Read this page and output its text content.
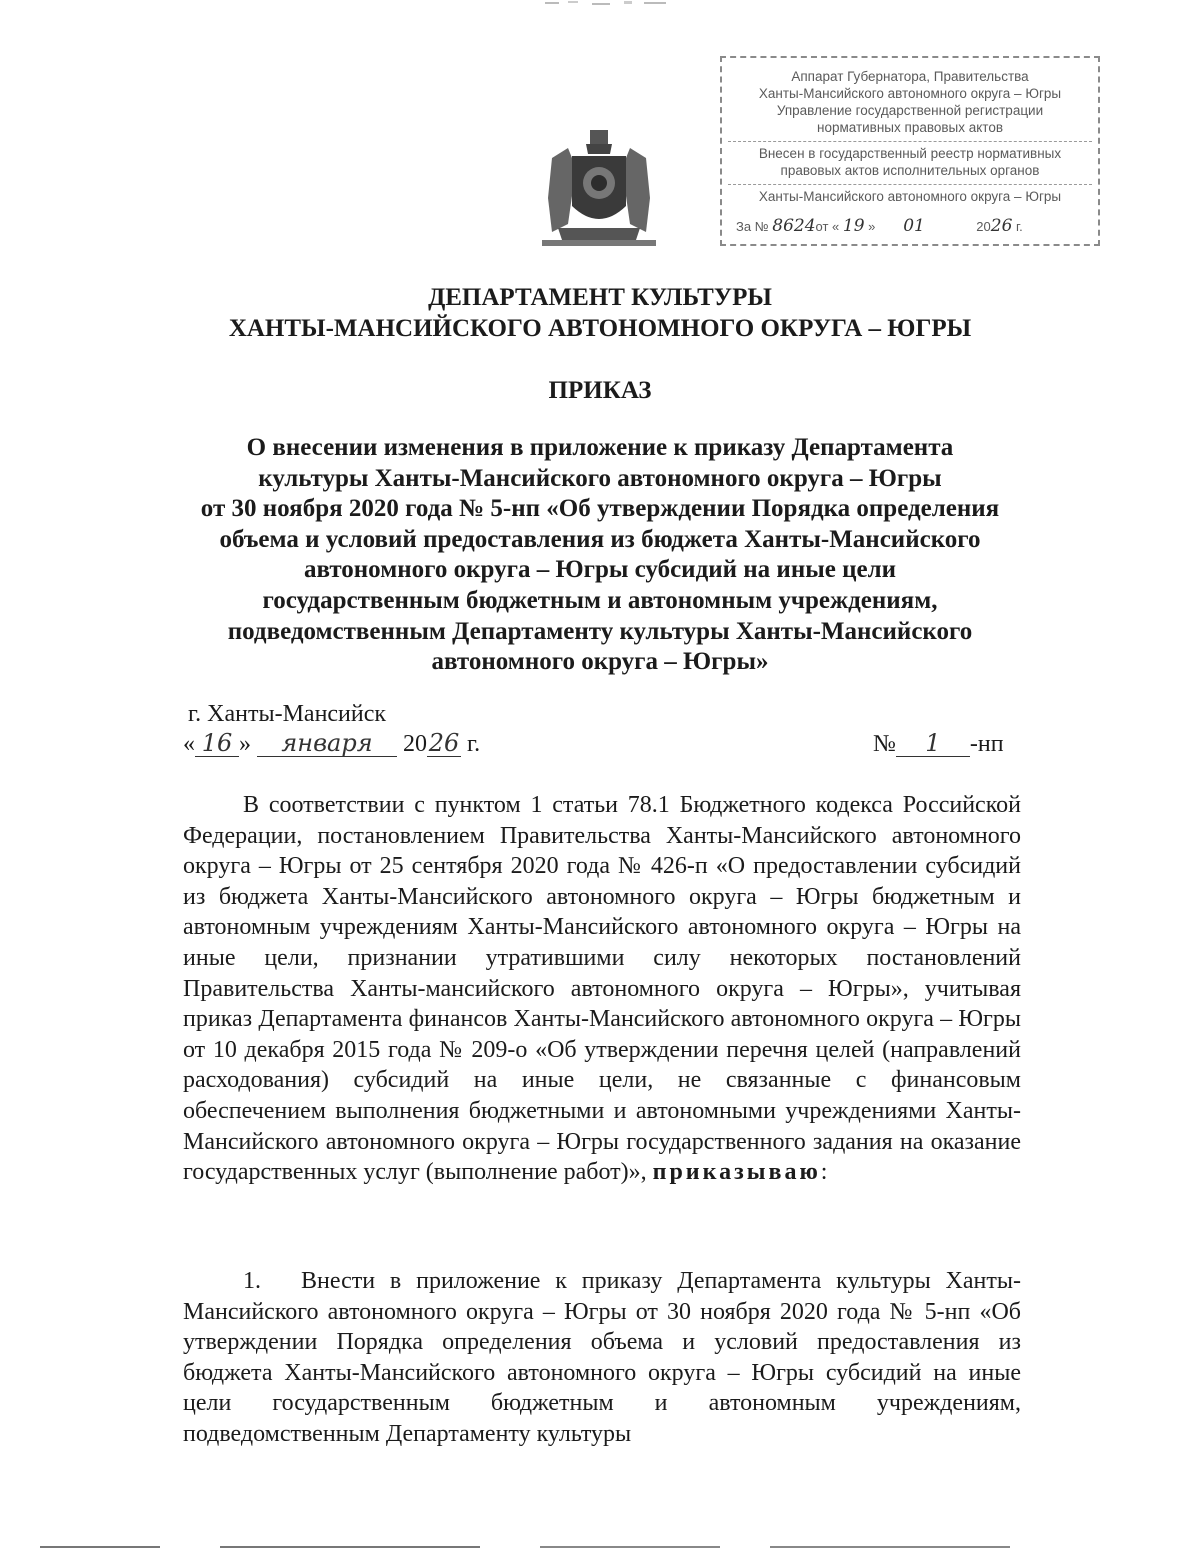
Аппарат Губернатора, Правительства
Ханты-Мансийского автономного округа – Югры
Управление государственной регистрации
нормативных правовых актов
Внесен в государственный реестр нормативных
правовых актов исполнительных органов
Ханты-Мансийского автономного округа – Югры
За № 8624от « 19 » 01	2026 г.
ДЕПАРТАМЕНТ КУЛЬТУРЫ
ХАНТЫ-МАНСИЙСКОГО АВТОНОМНОГО ОКРУГА – ЮГРЫ
ПРИКАЗ
О внесении изменения в приложение к приказу Департамента
культуры Ханты-Мансийского автономного округа – Югры
от 30 ноября 2020 года № 5-нп «Об утверждении Порядка определения
объема и условий предоставления из бюджета Ханты-Мансийского
автономного округа – Югры субсидий на иные цели
государственным бюджетным и автономным учреждениям,
подведомственным Департаменту культуры Ханты-Мансийского
автономного округа – Югры»
г. Ханты-Мансийск
« 16 » января 2026 г.	№ 1 -нп

В соответствии с пунктом 1 статьи 78.1 Бюджетного кодекса Российской Федерации, постановлением Правительства Ханты-Мансийского автономного округа – Югры от 25 сентября 2020 года № 426-п «О предоставлении субсидий из бюджета Ханты-Мансийского автономного округа – Югры бюджетным и автономным учреждениям Ханты-Мансийского автономного округа – Югры на иные цели, признании утратившими силу некоторых постановлений Правительства Ханты-мансийского автономного округа – Югры», учитывая приказ Департамента финансов Ханты-Мансийского автономного округа – Югры от 10 декабря 2015 года № 209-о «Об утверждении перечня целей (направлений расходования) субсидий на иные цели, не связанные с финансовым обеспечением выполнения бюджетными и автономными учреждениями Ханты-Мансийского автономного округа – Югры государственного задания на оказание государственных услуг (выполнение работ)», приказываю:

1. Внести в приложение к приказу Департамента культуры Ханты-Мансийского автономного округа – Югры от 30 ноября 2020 года № 5-нп «Об утверждении Порядка определения объема и условий предоставления из бюджета Ханты-Мансийского автономного округа – Югры субсидий на иные цели государственным бюджетным и автономным учреждениям, подведомственным Департаменту культуры
